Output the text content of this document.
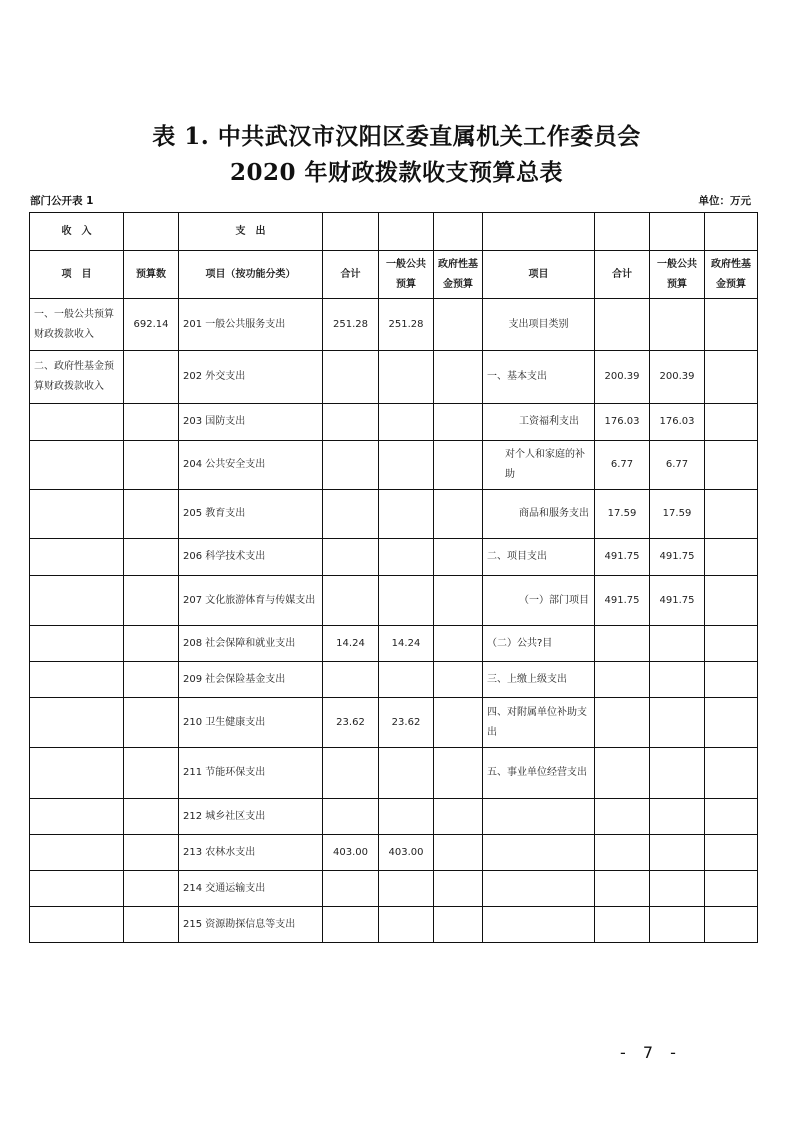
表 1. 中共武汉市汉阳区委直属机关工作委员会
2020 年财政拨款收支预算总表
部门公开表 1	单位：万元
收　入		支　出							
项　目	预算数	项目（按功能分类）	合计	一般公共预算	政府性基金预算	项目	合计	一般公共预算	政府性基金预算
一、一般公共预算财政拨款收入	692.14	201 一般公共服务支出	251.28	251.28		支出项目类别			
二、政府性基金预算财政拨款收入		202 外交支出				一、基本支出	200.39	200.39	
		203 国防支出				工资福利支出	176.03	176.03	
		204 公共安全支出				对个人和家庭的补助	6.77	6.77	
		205 教育支出				商品和服务支出	17.59	17.59	
		206 科学技术支出				二、项目支出	491.75	491.75	
		207 文化旅游体育与传媒支出				（一）部门项目	491.75	491.75	
		208 社会保障和就业支出	14.24	14.24		（二）公共?目			
		209 社会保险基金支出				三、上缴上级支出			
		210 卫生健康支出	23.62	23.62		四、对附属单位补助支出			
		211 节能环保支出				五、事业单位经营支出			
		212 城乡社区支出							
		213 农林水支出	403.00	403.00					
		214 交通运输支出							
		215 资源勘探信息等支出							
- 7 -
